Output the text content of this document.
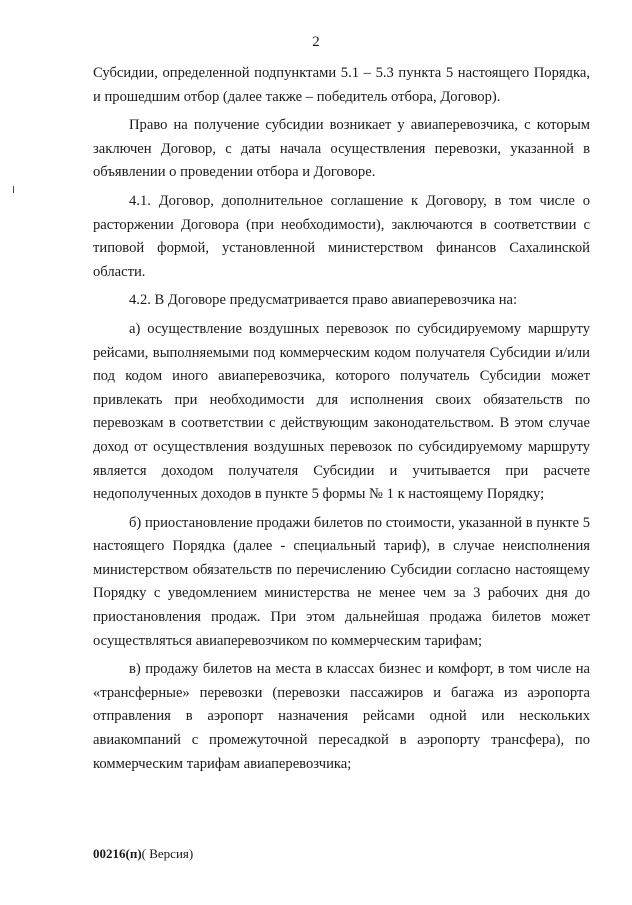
2

Субсидии, определенной подпунктами 5.1 – 5.3 пункта 5 настоящего Порядка, и прошедшим отбор (далее также – победитель отбора, Договор).

Право на получение субсидии возникает у авиаперевозчика, с которым заключен Договор, с даты начала осуществления перевозки, указанной в объявлении о проведении отбора и Договоре.

4.1. Договор, дополнительное соглашение к Договору, в том числе о расторжении Договора (при необходимости), заключаются в соответствии с типовой формой, установленной министерством финансов Сахалинской области.

4.2. В Договоре предусматривается право авиаперевозчика на:

а) осуществление воздушных перевозок по субсидируемому маршруту рейсами, выполняемыми под коммерческим кодом получателя Субсидии и/или под кодом иного авиаперевозчика, которого получатель Субсидии может привлекать при необходимости для исполнения своих обязательств по перевозкам в соответствии с действующим законодательством. В этом случае доход от осуществления воздушных перевозок по субсидируемому маршруту является доходом получателя Субсидии и учитывается при расчете недополученных доходов в пункте 5 формы № 1 к настоящему Порядку;

б) приостановление продажи билетов по стоимости, указанной в пункте 5 настоящего Порядка (далее - специальный тариф), в случае неисполнения министерством обязательств по перечислению Субсидии согласно настоящему Порядку с уведомлением министерства не менее чем за 3 рабочих дня до приостановления продаж. При этом дальнейшая продажа билетов может осуществляться авиаперевозчиком по коммерческим тарифам;

в) продажу билетов на места в классах бизнес и комфорт, в том числе на «трансферные» перевозки (перевозки пассажиров и багажа из аэропорта отправления в аэропорт назначения рейсами одной или нескольких авиакомпаний с промежуточной пересадкой в аэропорту трансфера), по коммерческим тарифам авиаперевозчика;

00216(п)( Версия)
